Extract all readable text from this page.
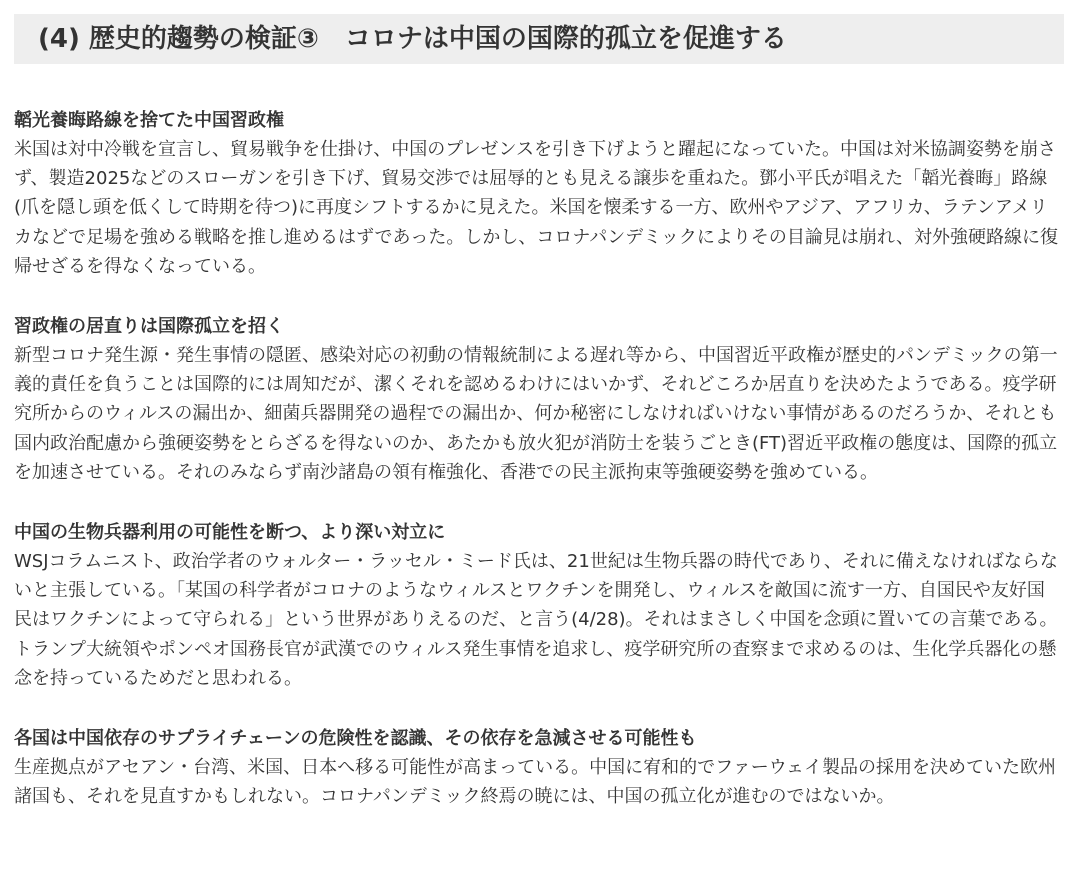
(4) 歴史的趨勢の検証③　コロナは中国の国際的孤立を促進する

韜光養晦路線を捨てた中国習政権

米国は対中冷戦を宣言し、貿易戦争を仕掛け、中国のプレゼンスを引き下げようと躍起になっていた。中国は対米協調姿勢を崩さず、製造2025などのスローガンを引き下げ、貿易交渉では屈辱的とも見える譲歩を重ねた。鄧小平氏が唱えた「韜光養晦」路線(爪を隠し頭を低くして時期を待つ)に再度シフトするかに見えた。米国を懐柔する一方、欧州やアジア、アフリカ、ラテンアメリカなどで足場を強める戦略を推し進めるはずであった。しかし、コロナパンデミックによりその目論見は崩れ、対外強硬路線に復帰せざるを得なくなっている。

習政権の居直りは国際孤立を招く

新型コロナ発生源・発生事情の隠匿、感染対応の初動の情報統制による遅れ等から、中国習近平政権が歴史的パンデミックの第一義的責任を負うことは国際的には周知だが、潔くそれを認めるわけにはいかず、それどころか居直りを決めたようである。疫学研究所からのウィルスの漏出か、細菌兵器開発の過程での漏出か、何か秘密にしなければいけない事情があるのだろうか、それとも国内政治配慮から強硬姿勢をとらざるを得ないのか、あたかも放火犯が消防士を装うごとき(FT)習近平政権の態度は、国際的孤立を加速させている。それのみならず南沙諸島の領有権強化、香港での民主派拘束等強硬姿勢を強めている。

中国の生物兵器利用の可能性を断つ、より深い対立に

WSJコラムニスト、政治学者のウォルター・ラッセル・ミード氏は、21世紀は生物兵器の時代であり、それに備えなければならないと主張している。「某国の科学者がコロナのようなウィルスとワクチンを開発し、ウィルスを敵国に流す一方、自国民や友好国民はワクチンによって守られる」という世界がありえるのだ、と言う(4/28)。それはまさしく中国を念頭に置いての言葉である。トランプ大統領やポンペオ国務長官が武漢でのウィルス発生事情を追求し、疫学研究所の査察まで求めるのは、生化学兵器化の懸念を持っているためだと思われる。

各国は中国依存のサプライチェーンの危険性を認識、その依存を急減させる可能性も

生産拠点がアセアン・台湾、米国、日本へ移る可能性が高まっている。中国に宥和的でファーウェイ製品の採用を決めていた欧州諸国も、それを見直すかもしれない。コロナパンデミック終焉の暁には、中国の孤立化が進むのではないか。
